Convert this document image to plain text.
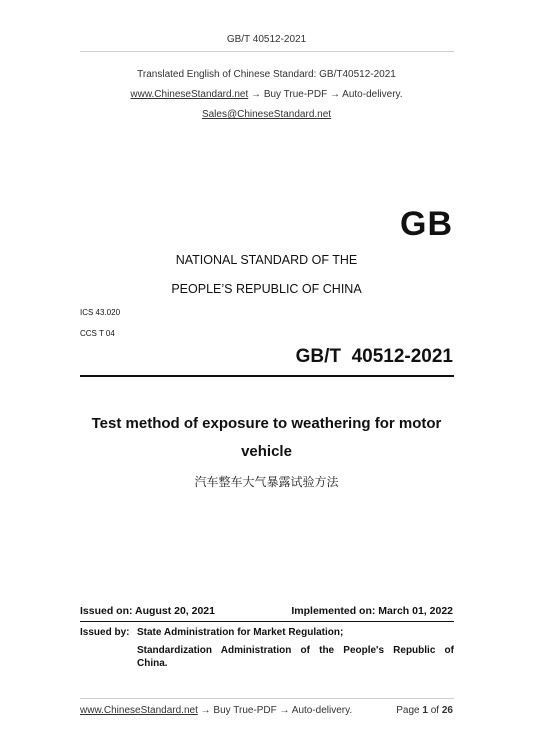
GB/T 40512-2021
Translated English of Chinese Standard: GB/T40512-2021
www.ChineseStandard.net → Buy True-PDF → Auto-delivery.
Sales@ChineseStandard.net
GB
NATIONAL STANDARD OF THE
PEOPLE’S REPUBLIC OF CHINA
ICS 43.020
CCS T 04
GB/T  40512-2021
Test method of exposure to weathering for motor
vehicle
汽车整车大气暴露试验方法
Issued on: August 20, 2021	Implemented on: March 01, 2022
Issued by: State Administration for Market Regulation;
Standardization Administration of the People's Republic of
China.
www.ChineseStandard.net → Buy True-PDF → Auto-delivery.	Page 1 of 26
